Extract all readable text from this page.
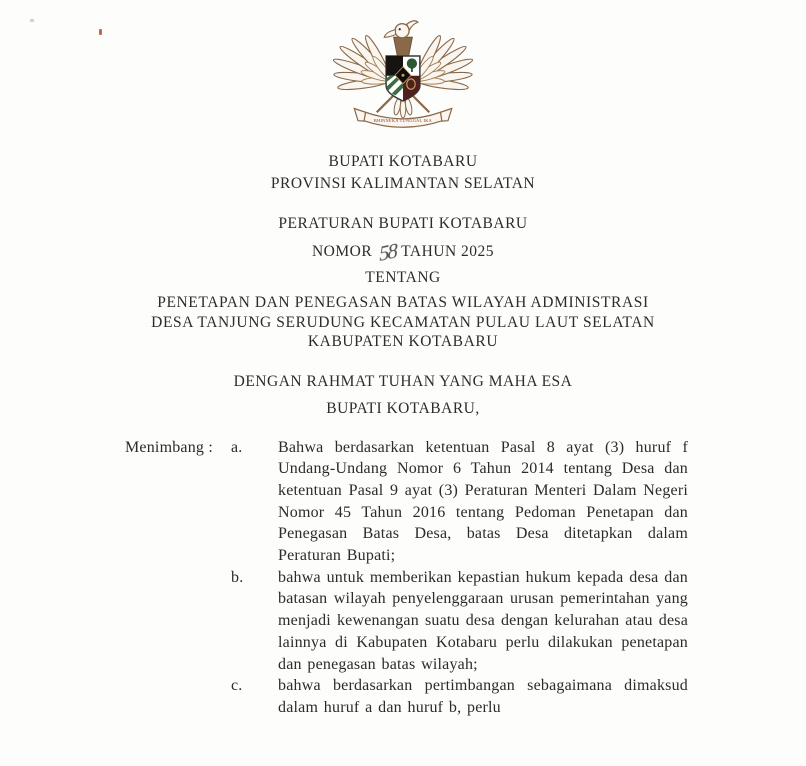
BHINNEKA TUNGGAL IKA
BUPATI KOTABARU
PROVINSI KALIMANTAN SELATAN
PERATURAN BUPATI KOTABARU
NOMOR 58 TAHUN 2025
TENTANG
PENETAPAN DAN PENEGASAN BATAS WILAYAH ADMINISTRASI
DESA TANJUNG SERUDUNG KECAMATAN PULAU LAUT SELATAN
KABUPATEN KOTABARU
DENGAN RAHMAT TUHAN YANG MAHA ESA
BUPATI KOTABARU,
Menimbang :	a.	Bahwa berdasarkan ketentuan Pasal 8 ayat (3) huruf f Undang-Undang Nomor 6 Tahun 2014 tentang Desa dan ketentuan Pasal 9 ayat (3) Peraturan Menteri Dalam Negeri Nomor 45 Tahun 2016 tentang Pedoman Penetapan dan Penegasan Batas Desa, batas Desa ditetapkan dalam Peraturan Bupati;
b.	bahwa untuk memberikan kepastian hukum kepada desa dan batasan wilayah penyelenggaraan urusan pemerintahan yang menjadi kewenangan suatu desa dengan kelurahan atau desa lainnya di Kabupaten Kotabaru perlu dilakukan penetapan dan penegasan batas wilayah;
c.	bahwa berdasarkan pertimbangan sebagaimana dimaksud dalam huruf a dan huruf b, perlu
